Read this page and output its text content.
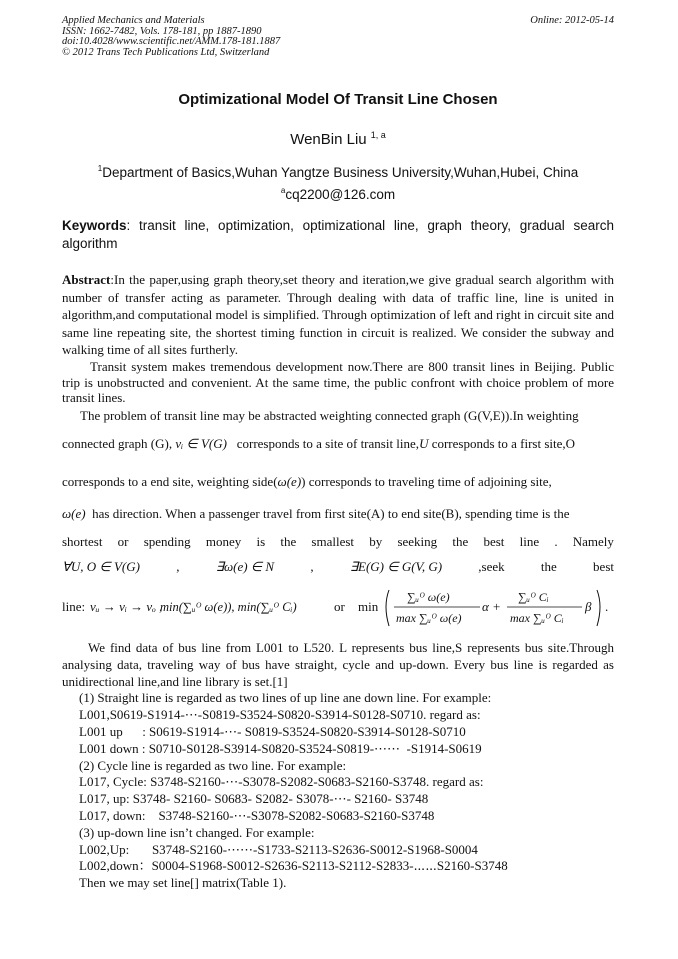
Applied Mechanics and Materials
ISSN: 1662-7482, Vols. 178-181, pp 1887-1890
doi:10.4028/www.scientific.net/AMM.178-181.1887
© 2012 Trans Tech Publications Ltd, Switzerland
Online: 2012-05-14
Optimizational Model Of Transit Line Chosen
WenBin Liu $^{1, a}$
$^1$Department of Basics,Wuhan Yangtze Business University,Wuhan,Hubei, China
$^a$cq2200@126.com
Keywords: transit line, optimization, optimizational line, graph theory, gradual search algorithm
Abstract:In the paper,using graph theory,set theory and iteration,we give gradual search algorithm with number of transfer acting as parameter. Through dealing with data of traffic line, line is united in algorithm,and computational model is simplified. Through optimization of left and right in circuit site and same line repeating site, the shortest timing function in circuit is realized. We consider the subway and walking time of all sites furtherly.
Transit system makes tremendous development now.There are 800 transit lines in Beijing. Public trip is unobstructed and convenient. At the same time, the public confront with choice problem of more transit lines.
The problem of transit line may be abstracted weighting connected graph (G(V,E)).In weighting
connected graph (G), vᵢ ∈ V(G) corresponds to a site of transit line,U corresponds to a first site,O
corresponds to a end site, weighting side(ω(e)) corresponds to traveling time of adjoining site,
ω(e) has direction. When a passenger travel from first site(A) to end site(B), spending time is the
shortest or spending money is the smallest by seeking the best line . Namely
∀U, O ∈ V(G)	,	∃ω(e) ∈ N	,	∃E(G) ∈ G(V, G)	,seek	the	best
line: vᵤ → vᵢ → vₒ ,
min(∑ᵤᴼ ω(e)), min(∑ᵤᴼ Cᵢ)	or min
∑ᵤᴼ ω(e)
max ∑ᵤᴼ ω(e)
α +
∑ᵤᴼ Cᵢ
max ∑ᵤᴼ Cᵢ
β .
We find data of bus line from L001 to L520. L represents bus line,S represents bus site.Through analysing data, traveling way of bus have straight, cycle and up-down. Every bus line is regarded as unidirectional line,and line library is set.[1]
(1) Straight line is regarded as two lines of up line ane down line. For example:
L001,S0619-S1914-⋯-S0819-S3524-S0820-S3914-S0128-S0710. regard as:
L001 up      : S0619-S1914-⋯- S0819-S3524-S0820-S3914-S0128-S0710
L001 down : S0710-S0128-S3914-S0820-S3524-S0819-⋯⋯  -S1914-S0619
(2) Cycle line is regarded as two line. For example:
L017, Cycle: S3748-S2160-⋯-S3078-S2082-S0683-S2160-S3748. regard as:
L017, up: S3748- S2160- S0683- S2082- S3078-⋯- S2160- S3748
L017, down:    S3748-S2160-⋯-S3078-S2082-S0683-S2160-S3748
(3) up-down line isn’t changed. For example:
L002,Up:       S3748-S2160-⋯⋯-S1733-S2113-S2636-S0012-S1968-S0004
L002,down：S0004-S1968-S0012-S2636-S2113-S2112-S2833-⋯⋯S2160-S3748
Then we may set line[] matrix(Table 1).
